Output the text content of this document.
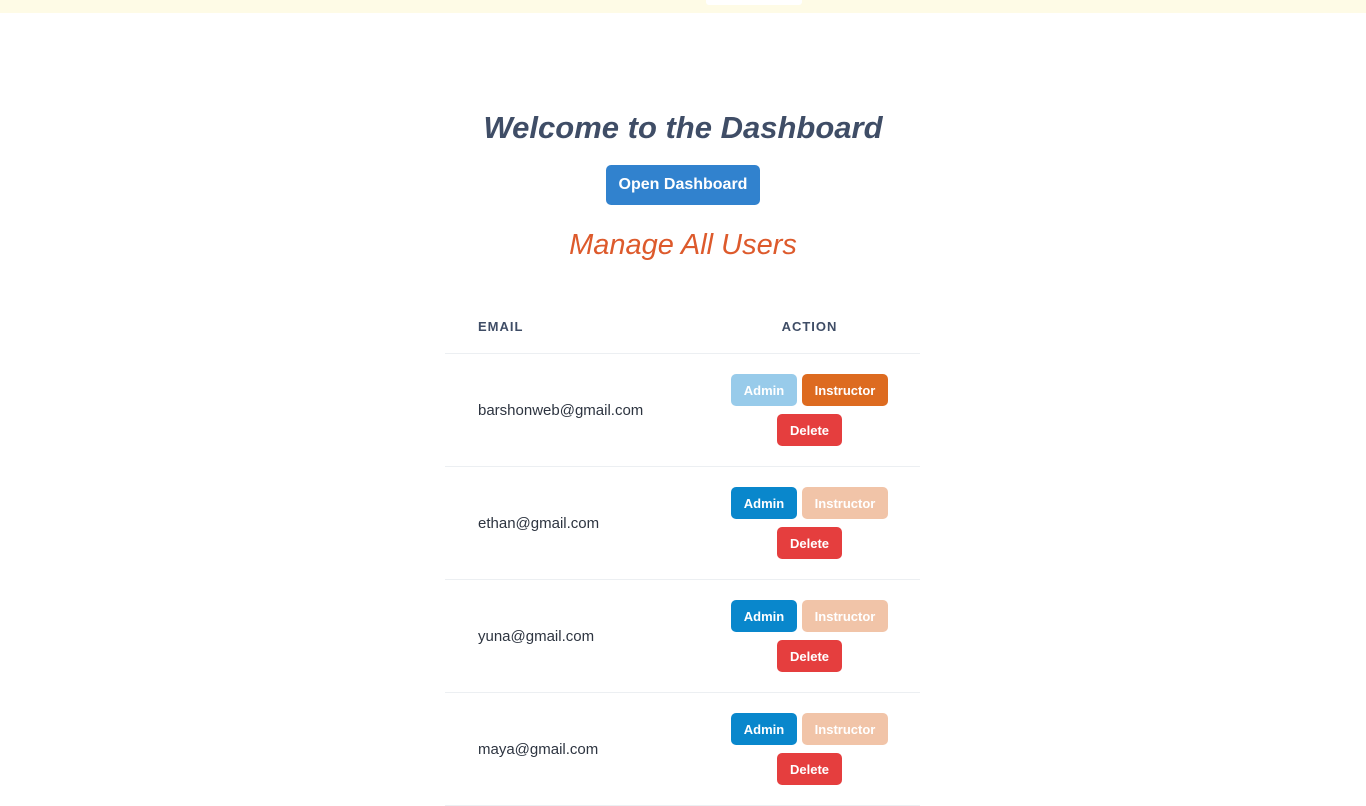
Welcome to the Dashboard
Open Dashboard
Manage All Users
EMAIL	ACTION
barshonweb@gmail.com	Admin Instructor
Delete

ethan@gmail.com	Admin Instructor
Delete

yuna@gmail.com	Admin Instructor
Delete

maya@gmail.com	Admin Instructor
Delete
